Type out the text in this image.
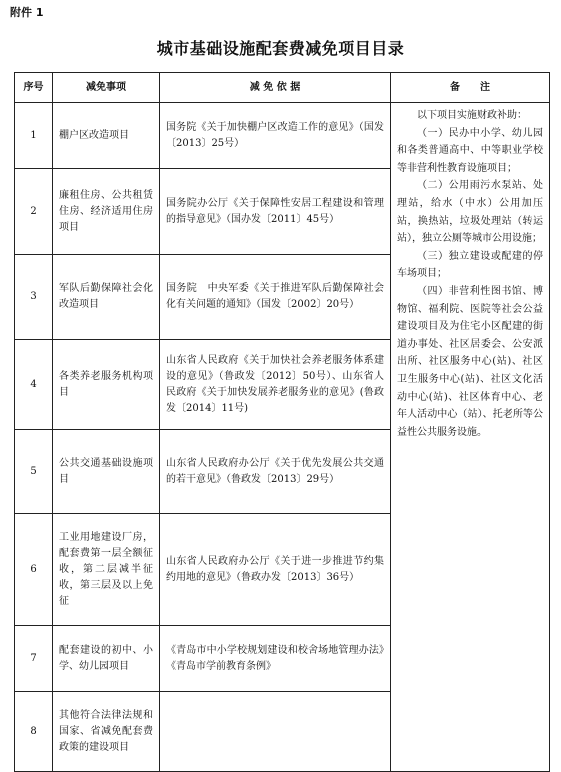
附件 1
城市基础设施配套费减免项目目录
序号	减免事项	减 免 依 据	备　　注
1	棚户区改造项目	国务院《关于加快棚户区改造工作的意见》（国发〔2013〕25号）	以下项目实施财政补助：

（一）民办中小学、幼儿园和各类普通高中、中等职业学校等非营利性教育设施项目；

（二）公用雨污水泵站、处理站，给水（中水）公用加压站，换热站，垃圾处理站（转运站），独立公厕等城市公用设施；

（三）独立建设或配建的停车场项目；

（四）非营利性图书馆、博物馆、福利院、医院等社会公益建设项目及为住宅小区配建的街道办事处、社区居委会、公安派出所、社区服务中心(站)、社区卫生服务中心(站)、社区文化活动中心(站)、社区体育中心、老年人活动中心（站）、托老所等公益性公共服务设施。

2	廉租住房、公共租赁住房、经济适用住房项目	国务院办公厅《关于保障性安居工程建设和管理的指导意见》（国办发〔2011〕45号）	
3	军队后勤保障社会化改造项目	国务院　中央军委《关于推进军队后勤保障社会化有关问题的通知》（国发〔2002〕20号）	
4	各类养老服务机构项目	山东省人民政府《关于加快社会养老服务体系建设的意见》（鲁政发〔2012〕50号）、山东省人民政府《关于加快发展养老服务业的意见》(鲁政发〔2014〕11号)	
5	公共交通基础设施项目	山东省人民政府办公厅《关于优先发展公共交通的若干意见》（鲁政发〔2013〕29号）	
6	工业用地建设厂房，配套费第一层全额征收，第二层减半征收，第三层及以上免征	山东省人民政府办公厅《关于进一步推进节约集约用地的意见》（鲁政办发〔2013〕36号）	
7	配套建设的初中、小学、幼儿园项目	《青岛市中小学校规划建设和校舍场地管理办法》《青岛市学前教育条例》	
8	其他符合法律法规和国家、省减免配套费政策的建设项目		
